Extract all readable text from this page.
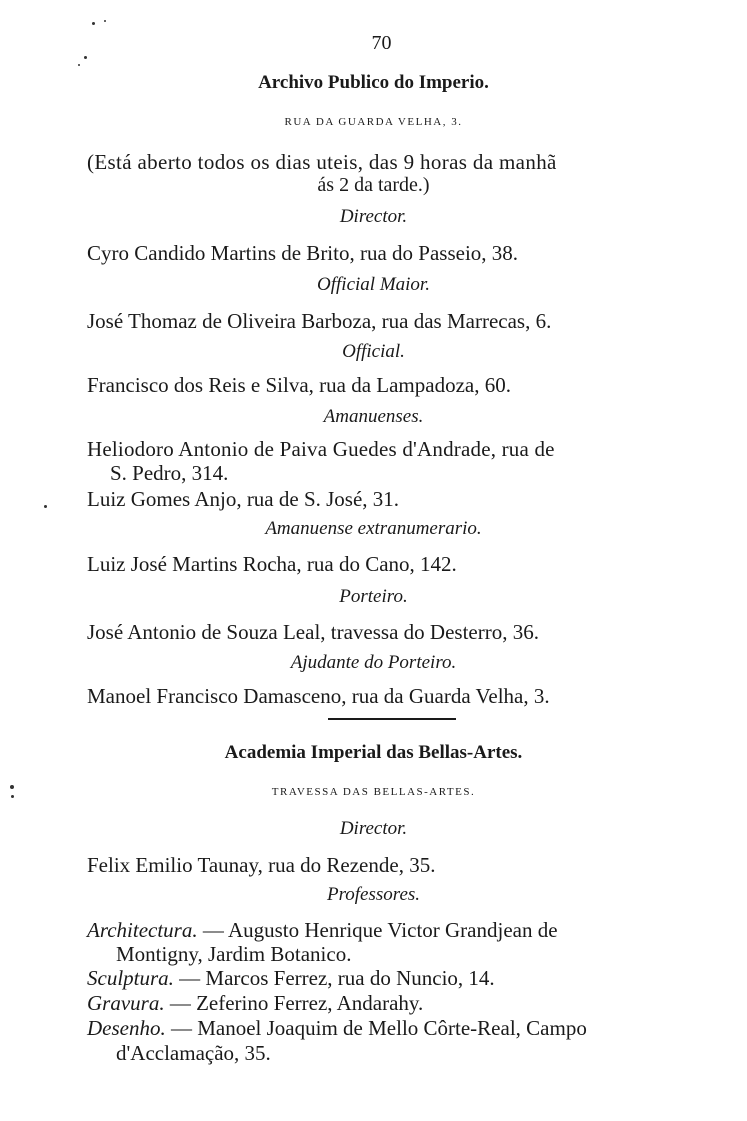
70
Archivo Publico do Imperio.
RUA DA GUARDA VELHA, 3.
(Está aberto todos os dias uteis, das 9 horas da manhã
ás 2 da tarde.)
Director.
Cyro Candido Martins de Brito, rua do Passeio, 38.
Official Maior.
José Thomaz de Oliveira Barboza, rua das Marrecas, 6.
Official.
Francisco dos Reis e Silva, rua da Lampadoza, 60.
Amanuenses.
Heliodoro Antonio de Paiva Guedes d'Andrade, rua de
S. Pedro, 314.
Luiz Gomes Anjo, rua de S. José, 31.
Amanuense extranumerario.
Luiz José Martins Rocha, rua do Cano, 142.
Porteiro.
José Antonio de Souza Leal, travessa do Desterro, 36.
Ajudante do Porteiro.
Manoel Francisco Damasceno, rua da Guarda Velha, 3.
Academia Imperial das Bellas-Artes.
TRAVESSA DAS BELLAS-ARTES.
Director.
Felix Emilio Taunay, rua do Rezende, 35.
Professores.
Architectura. — Augusto Henrique Victor Grandjean de
Montigny, Jardim Botanico.
Sculptura. — Marcos Ferrez, rua do Nuncio, 14.
Gravura. — Zeferino Ferrez, Andarahy.
Desenho. — Manoel Joaquim de Mello Côrte-Real, Campo
d'Acclamação, 35.
